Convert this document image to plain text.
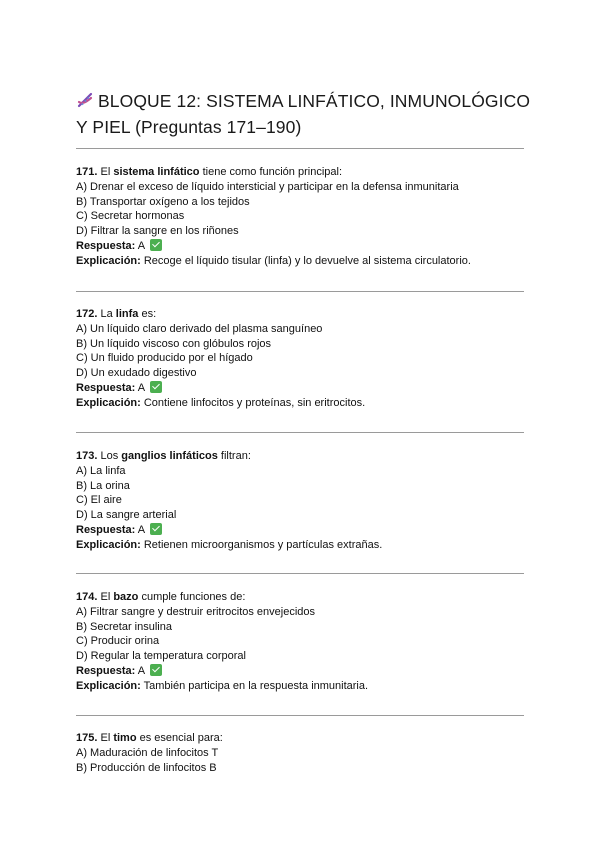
BLOQUE 12: SISTEMA LINFÁTICO, INMUNOLÓGICO Y PIEL (Preguntas 171–190)
171. El sistema linfático tiene como función principal:
A) Drenar el exceso de líquido intersticial y participar en la defensa inmunitaria
B) Transportar oxígeno a los tejidos
C) Secretar hormonas
D) Filtrar la sangre en los riñones
Respuesta: A
Explicación: Recoge el líquido tisular (linfa) y lo devuelve al sistema circulatorio.
172. La linfa es:
A) Un líquido claro derivado del plasma sanguíneo
B) Un líquido viscoso con glóbulos rojos
C) Un fluido producido por el hígado
D) Un exudado digestivo
Respuesta: A
Explicación: Contiene linfocitos y proteínas, sin eritrocitos.
173. Los ganglios linfáticos filtran:
A) La linfa
B) La orina
C) El aire
D) La sangre arterial
Respuesta: A
Explicación: Retienen microorganismos y partículas extrañas.
174. El bazo cumple funciones de:
A) Filtrar sangre y destruir eritrocitos envejecidos
B) Secretar insulina
C) Producir orina
D) Regular la temperatura corporal
Respuesta: A
Explicación: También participa en la respuesta inmunitaria.
175. El timo es esencial para:
A) Maduración de linfocitos T
B) Producción de linfocitos B
